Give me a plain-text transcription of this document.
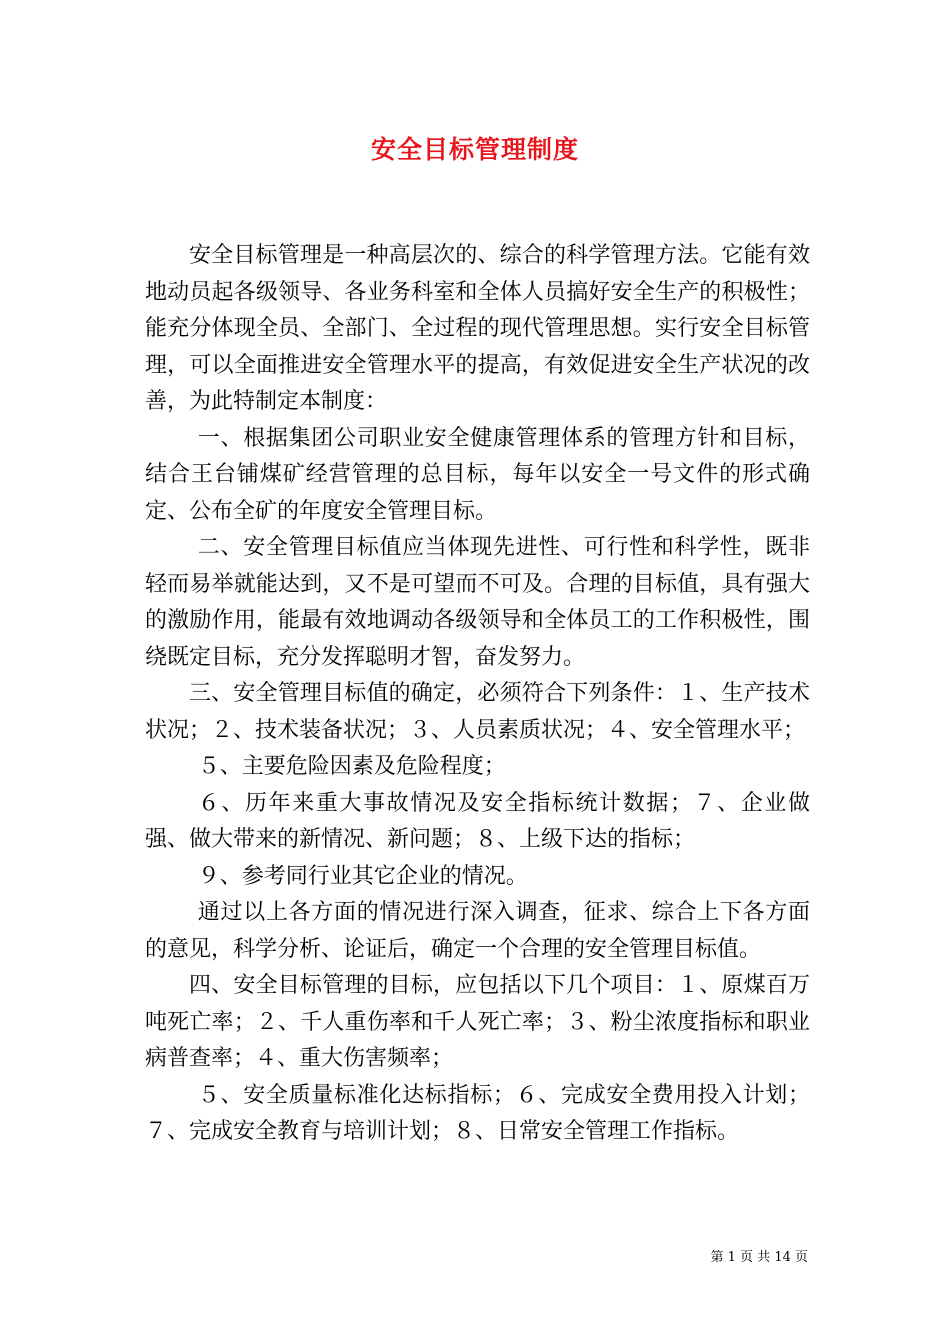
安全目标管理制度

安全目标管理是一种高层次的、综合的科学管理方法。它能有效地动员起各级领导、各业务科室和全体人员搞好安全生产的积极性；能充分体现全员、全部门、全过程的现代管理思想。实行安全目标管理，可以全面推进安全管理水平的提高，有效促进安全生产状况的改善，为此特制定本制度：

一、根据集团公司职业安全健康管理体系的管理方针和目标，结合王台铺煤矿经营管理的总目标，每年以安全一号文件的形式确定、公布全矿的年度安全管理目标。

二、安全管理目标值应当体现先进性、可行性和科学性，既非轻而易举就能达到，又不是可望而不可及。合理的目标值，具有强大的激励作用，能最有效地调动各级领导和全体员工的工作积极性，围绕既定目标，充分发挥聪明才智，奋发努力。

三、安全管理目标值的确定，必须符合下列条件：１、生产技术状况；２、技术装备状况；３、人员素质状况；４、安全管理水平；

５、主要危险因素及危险程度；

６、历年来重大事故情况及安全指标统计数据；７、企业做强、做大带来的新情况、新问题；８、上级下达的指标；

９、参考同行业其它企业的情况。

通过以上各方面的情况进行深入调查，征求、综合上下各方面的意见，科学分析、论证后，确定一个合理的安全管理目标值。

四、安全目标管理的目标，应包括以下几个项目：１、原煤百万吨死亡率；２、千人重伤率和千人死亡率；３、粉尘浓度指标和职业病普查率；４、重大伤害频率；

５、安全质量标准化达标指标；６、完成安全费用投入计划；７、完成安全教育与培训计划；８、日常安全管理工作指标。

第 1 页 共 14 页
